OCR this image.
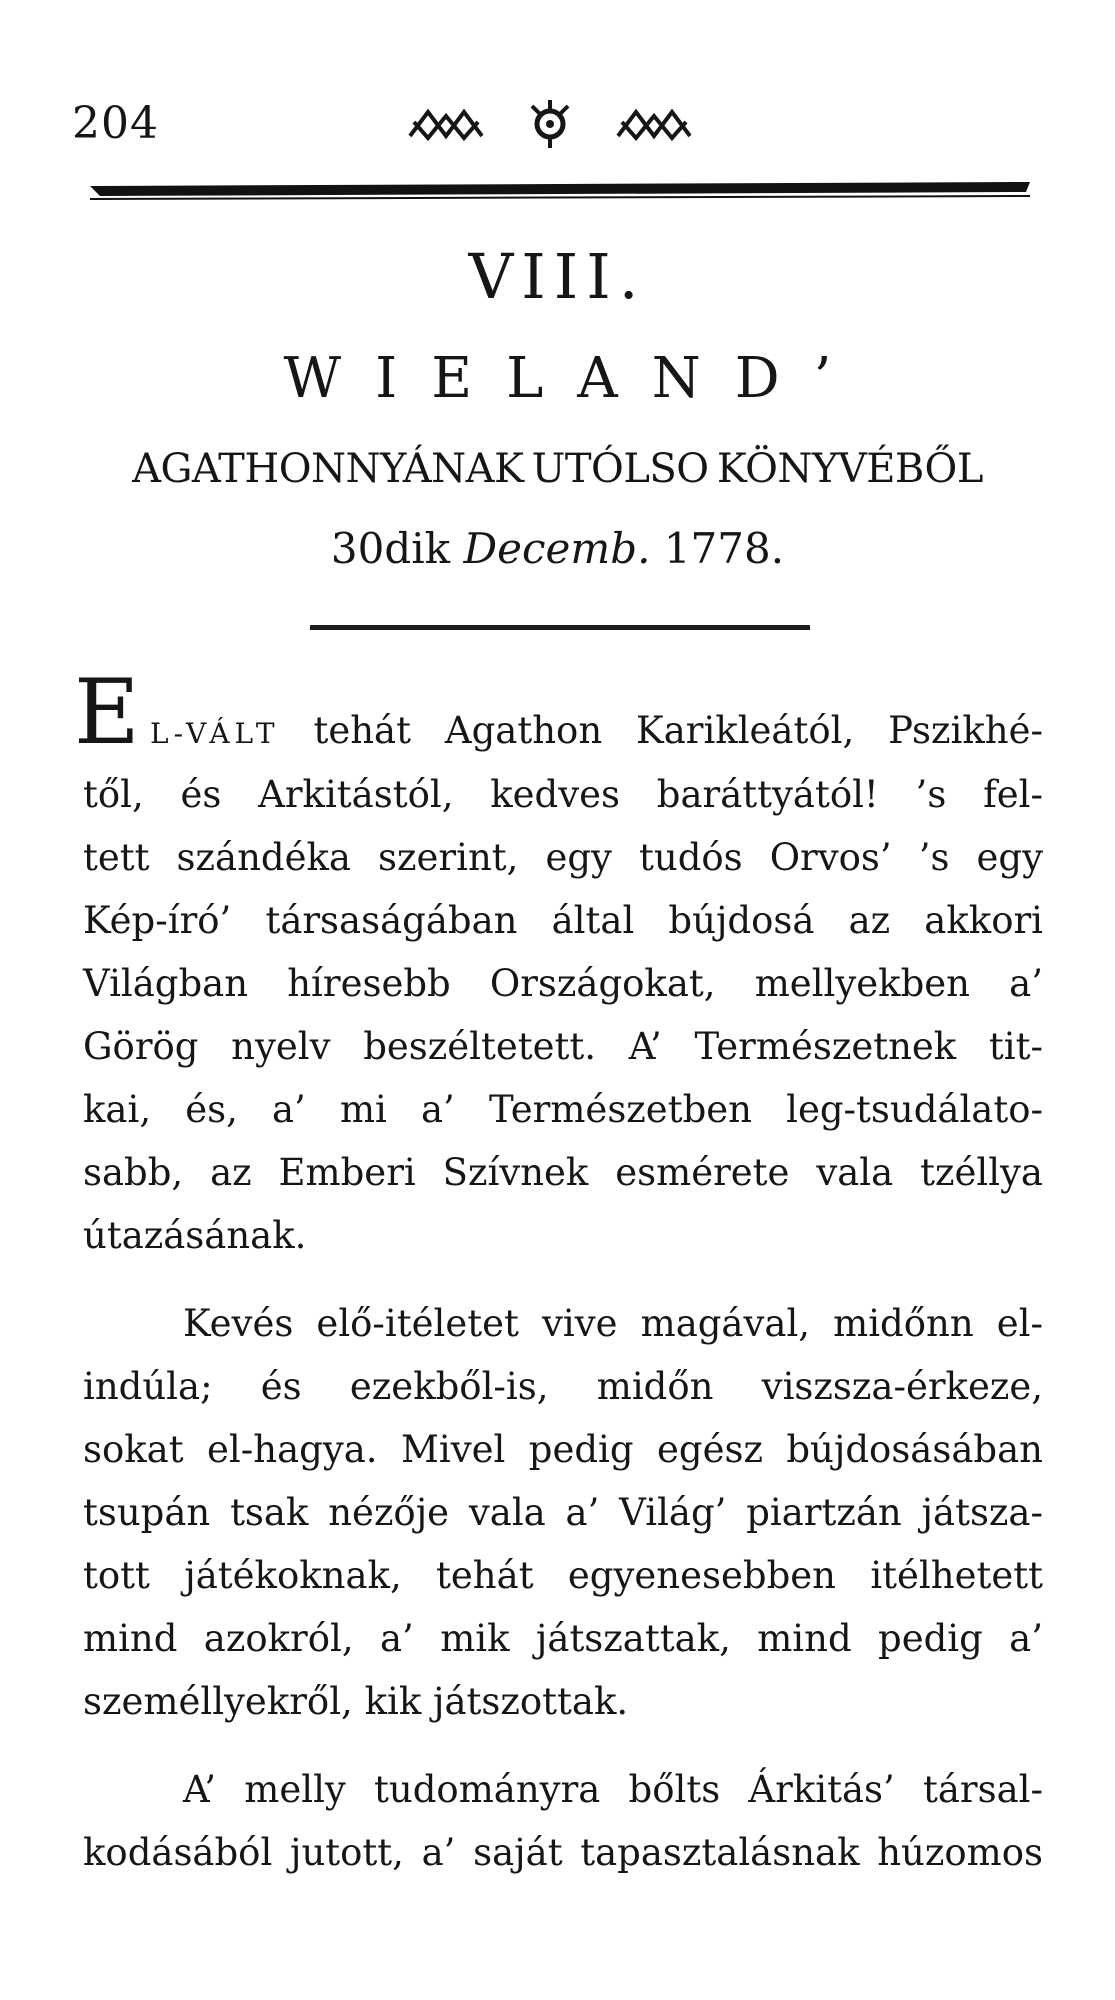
204
VIII.
WIELAND’
AGATHONNYÁNAK UTÓLSO KÖNYVÉBŐL
30dik Decemb. 1778.
E L-VÁLT tehát Agathon Karikleától, Pszikhé-
től, és Arkitástól, kedves baráttyától! ’s fel-
tett szándéka szerint, egy tudós Orvos’ ’s egy
Kép-író’ társaságában által bújdosá az akkori
Világban híresebb Országokat, mellyekben a’
Görög nyelv beszéltetett. A’ Természetnek tit-
kai, és, a’ mi a’ Természetben leg-tsudálato-
sabb, az Emberi Szívnek esmérete vala tzéllya
útazásának.
Kevés elő-itéletet vive magával, midőnn el-
indúla; és ezekből-is, midőn viszsza-érkeze,
sokat el-hagya. Mivel pedig egész bújdosásában
tsupán tsak nézője vala a’ Világ’ piartzán játsza-
tott játékoknak, tehát egyenesebben itélhetett
mind azokról, a’ mik játszattak, mind pedig a’
személlyekről, kik játszottak.
A’ melly tudományra bőlts Árkitás’ társal-
kodásából jutott, a’ saját tapasztalásnak húzomos
